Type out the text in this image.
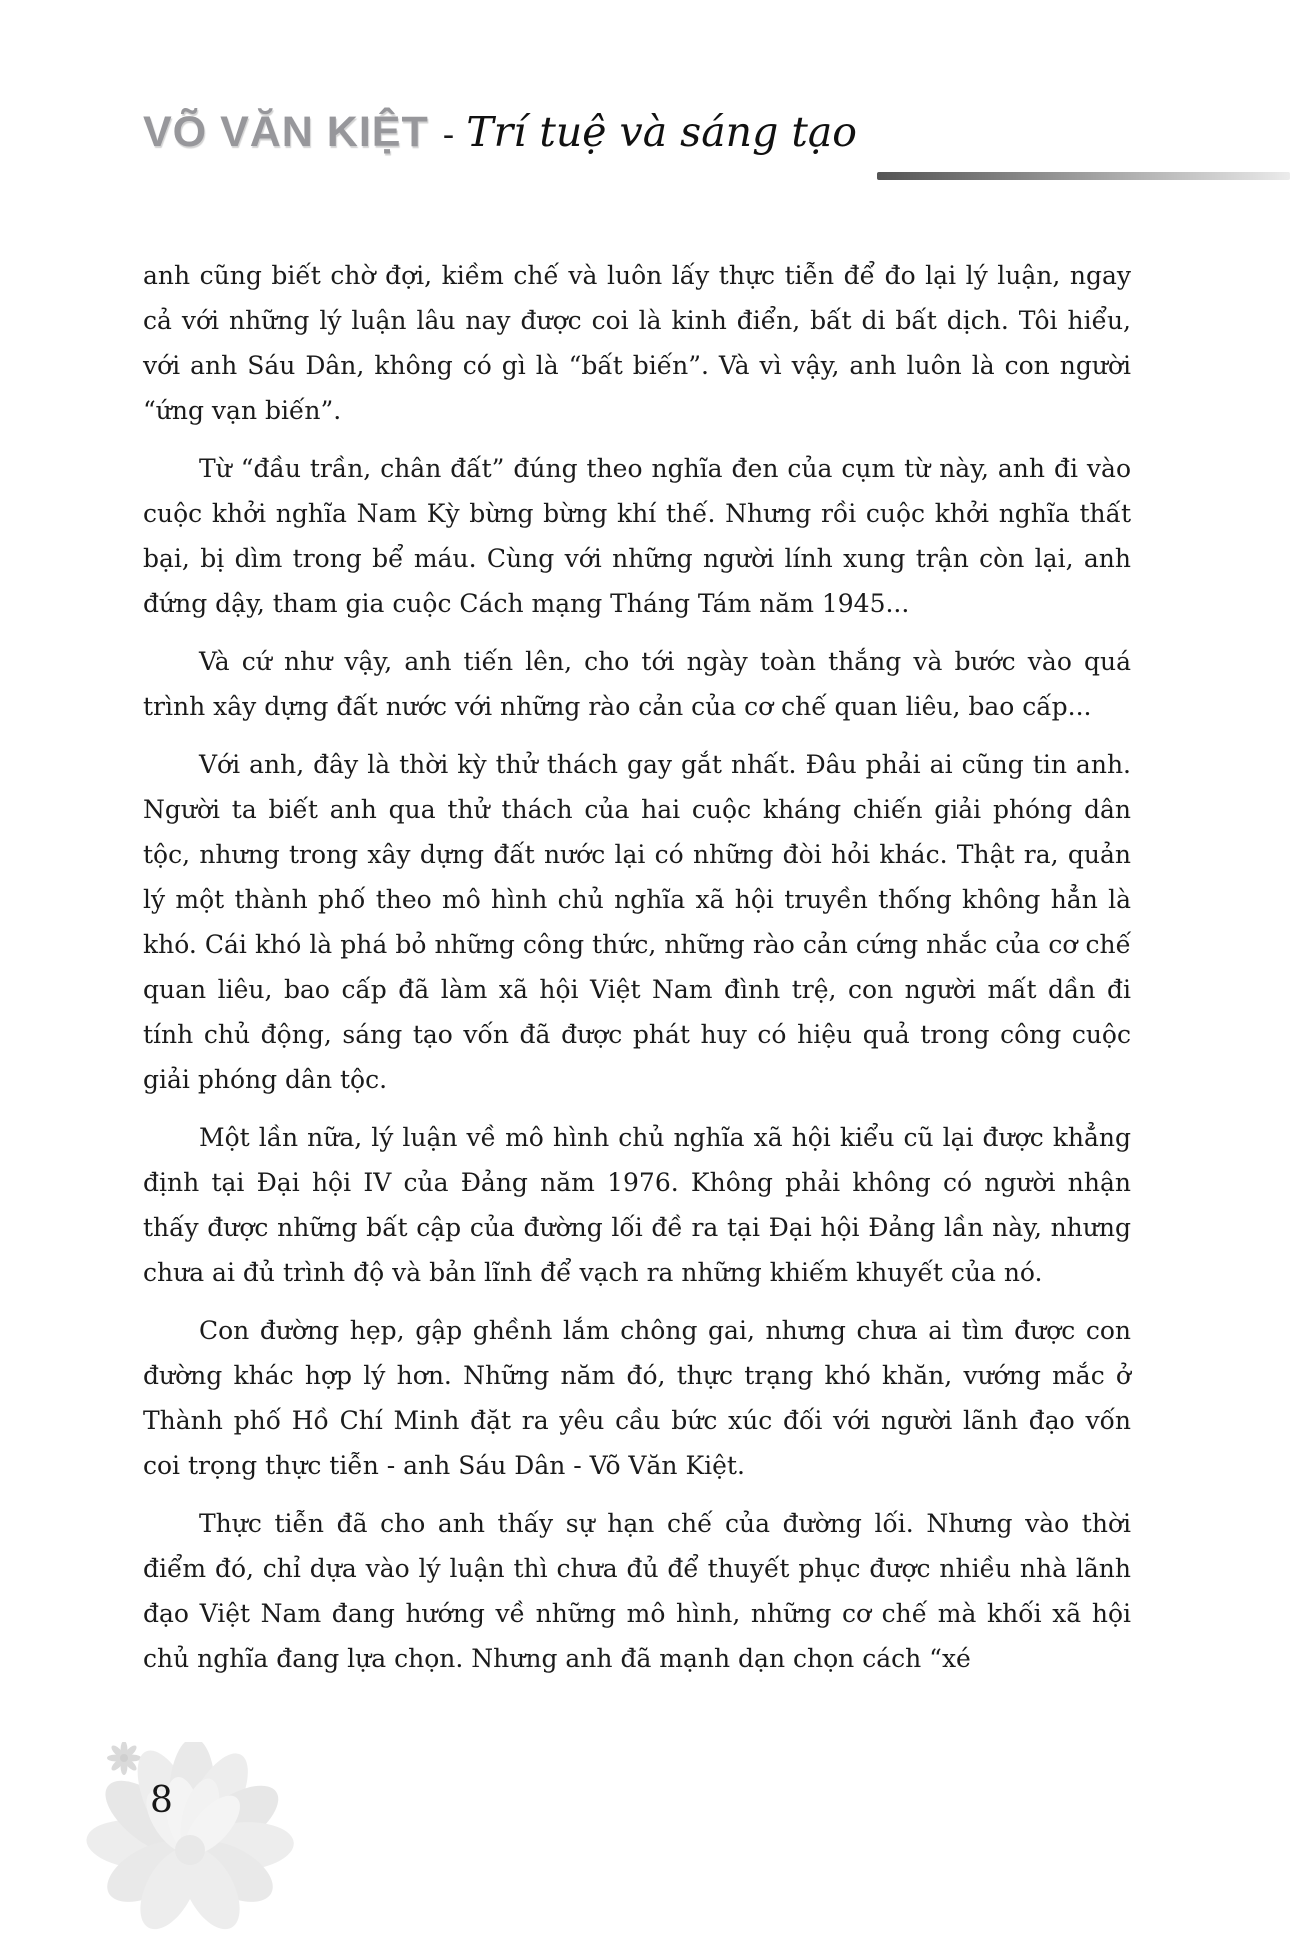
VÕ VĂN KIỆT - Trí tuệ và sáng tạo

anh cũng biết chờ đợi, kiềm chế và luôn lấy thực tiễn để đo lại lý luận, ngay cả với những lý luận lâu nay được coi là kinh điển, bất di bất dịch. Tôi hiểu, với anh Sáu Dân, không có gì là “bất biến”. Và vì vậy, anh luôn là con người “ứng vạn biến”.

Từ “đầu trần, chân đất” đúng theo nghĩa đen của cụm từ này, anh đi vào cuộc khởi nghĩa Nam Kỳ bừng bừng khí thế. Nhưng rồi cuộc khởi nghĩa thất bại, bị dìm trong bể máu. Cùng với những người lính xung trận còn lại, anh đứng dậy, tham gia cuộc Cách mạng Tháng Tám năm 1945...

Và cứ như vậy, anh tiến lên, cho tới ngày toàn thắng và bước vào quá trình xây dựng đất nước với những rào cản của cơ chế quan liêu, bao cấp...

Với anh, đây là thời kỳ thử thách gay gắt nhất. Đâu phải ai cũng tin anh. Người ta biết anh qua thử thách của hai cuộc kháng chiến giải phóng dân tộc, nhưng trong xây dựng đất nước lại có những đòi hỏi khác. Thật ra, quản lý một thành phố theo mô hình chủ nghĩa xã hội truyền thống không hẳn là khó. Cái khó là phá bỏ những công thức, những rào cản cứng nhắc của cơ chế quan liêu, bao cấp đã làm xã hội Việt Nam đình trệ, con người mất dần đi tính chủ động, sáng tạo vốn đã được phát huy có hiệu quả trong công cuộc giải phóng dân tộc.

Một lần nữa, lý luận về mô hình chủ nghĩa xã hội kiểu cũ lại được khẳng định tại Đại hội IV của Đảng năm 1976. Không phải không có người nhận thấy được những bất cập của đường lối đề ra tại Đại hội Đảng lần này, nhưng chưa ai đủ trình độ và bản lĩnh để vạch ra những khiếm khuyết của nó.

Con đường hẹp, gập ghềnh lắm chông gai, nhưng chưa ai tìm được con đường khác hợp lý hơn. Những năm đó, thực trạng khó khăn, vướng mắc ở Thành phố Hồ Chí Minh đặt ra yêu cầu bức xúc đối với người lãnh đạo vốn coi trọng thực tiễn - anh Sáu Dân - Võ Văn Kiệt.

Thực tiễn đã cho anh thấy sự hạn chế của đường lối. Nhưng vào thời điểm đó, chỉ dựa vào lý luận thì chưa đủ để thuyết phục được nhiều nhà lãnh đạo Việt Nam đang hướng về những mô hình, những cơ chế mà khối xã hội chủ nghĩa đang lựa chọn. Nhưng anh đã mạnh dạn chọn cách “xé

8
